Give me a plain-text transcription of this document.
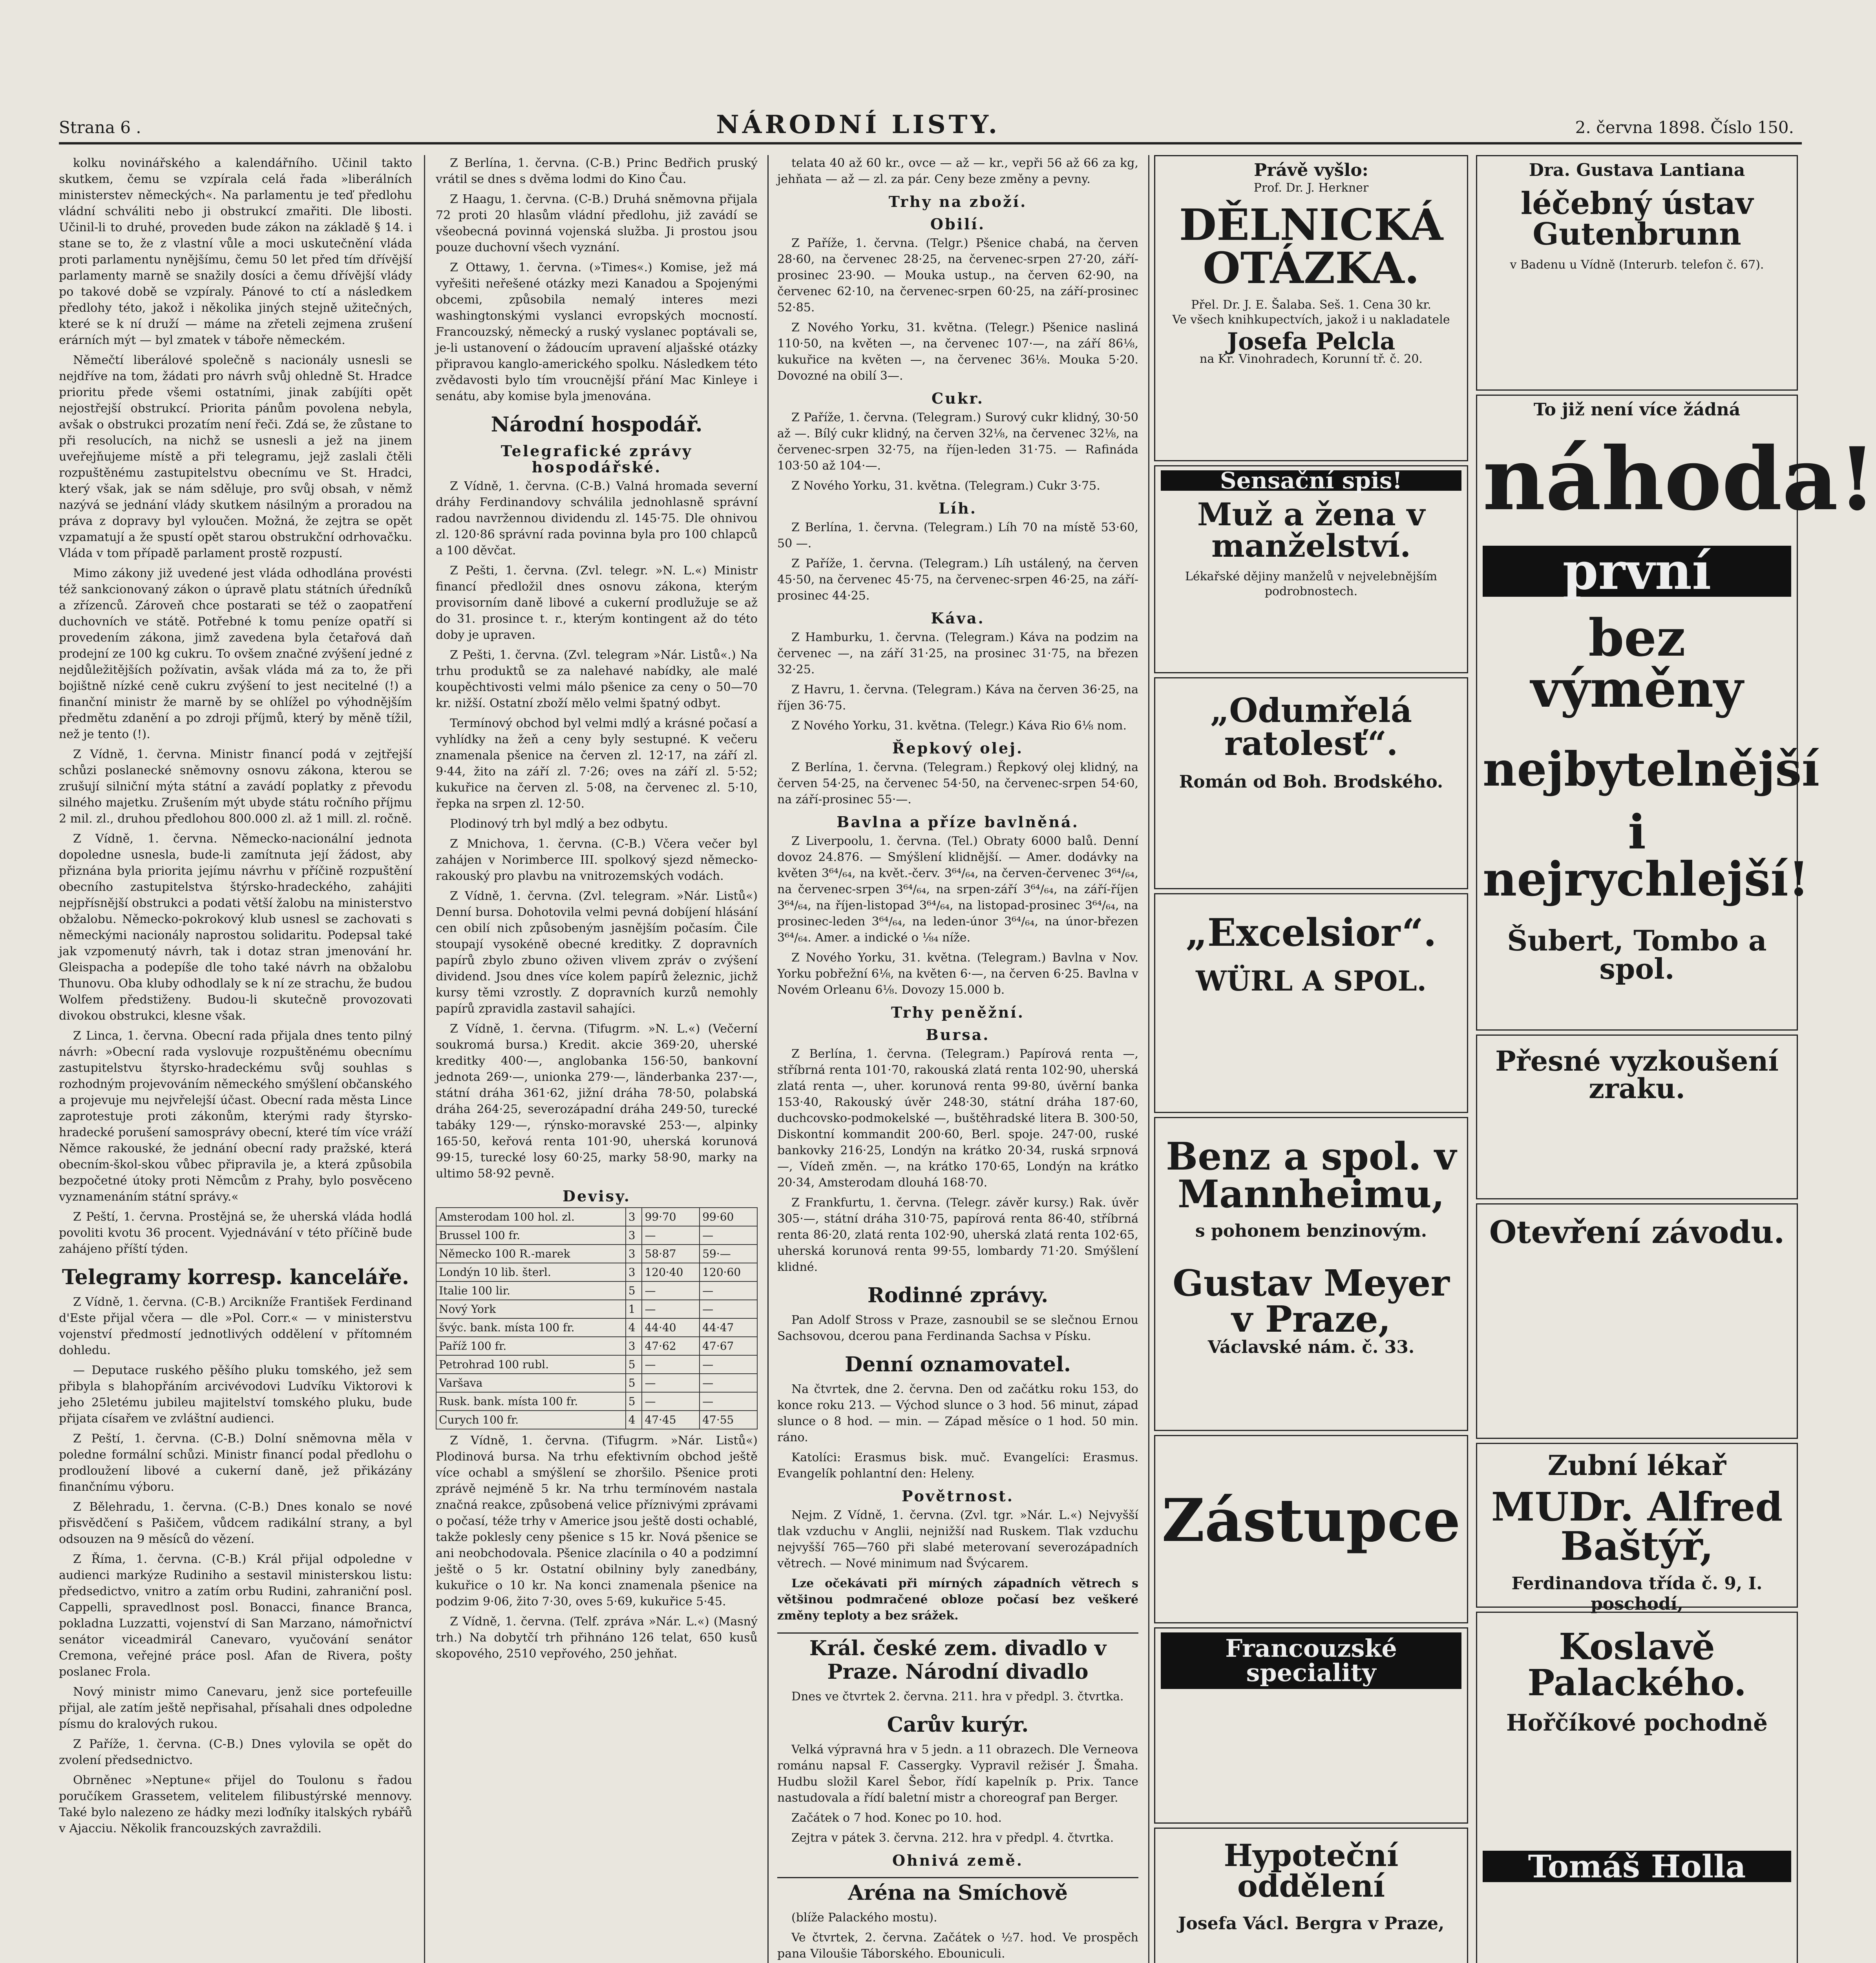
Strana 6 .	NÁRODNÍ LISTY.	2. června 1898. Číslo 150.

kolku novinářského a kalendářního. Učinil takto skutkem, čemu se vzpírala celá řada »liberálních ministerstev německých«. Na parlamentu je teď předlohu vládní schváliti nebo ji obstrukcí zmařiti. Dle libosti. Učinil-li to druhé, proveden bude zákon na základě § 14. i stane se to, že z vlastní vůle a moci uskutečnění vláda proti parlamentu nynějšímu, čemu 50 let před tím dřívější parlamenty marně se snažily dosíci a čemu dřívější vlády po takové době se vzpíraly. Pánové to ctí a následkem předlohy této, jakož i několika jiných stejně užitečných, které se k ní druží — máme na zřeteli zejmena zrušení erárních mýt — byl zmatek v táboře německém.

Němečtí liberálové společně s nacionály usnesli se nejdříve na tom, žádati pro návrh svůj ohledně St. Hradce prioritu přede všemi ostatními, jinak zabíjíti opět nejostřejší obstrukcí. Priorita pánům povolena nebyla, avšak o obstrukci prozatím není řeči. Zdá se, že zůstane to při resolucích, na nichž se usnesli a jež na jinem uveřejňujeme místě a při telegramu, jejž zaslali čtěli rozpuštěnému zastupitelstvu obecnímu ve St. Hradci, který však, jak se nám sděluje, pro svůj obsah, v němž nazývá se jednání vlády skutkem násilným a proradou na práva z dopravy byl vyloučen. Možná, že zejtra se opět vzpamatují a že spustí opět starou obstrukční odrhovačku. Vláda v tom případě parlament prostě rozpustí.

Mimo zákony již uvedené jest vláda odhodlána provésti též sankcionovaný zákon o úpravě platu státních úředníků a zřízenců. Zároveň chce postarati se též o zaopatření duchovních ve státě. Potřebné k tomu peníze opatří si provedením zákona, jimž zavedena byla četařová daň prodejní ze 100 kg cukru. To ovšem značné zvýšení jedné z nejdůležitějších požívatin, avšak vláda má za to, že při bojištně nízké ceně cukru zvýšení to jest necitelné (!) a finanční ministr že marně by se ohlížel po výhodnějším předmětu zdanění a po zdroji příjmů, který by měně tížil, než je tento (!).

Z Vídně, 1. června. Ministr financí podá v zejtřejší schůzi poslanecké sněmovny osnovu zákona, kterou se zrušují silniční mýta státní a zavádí poplatky z převodu silného majetku. Zrušením mýt ubyde státu ročního příjmu 2 mil. zl., druhou předlohou 800.000 zl. až 1 mill. zl. ročně.

Z Vídně, 1. června. Německo-nacionální jednota dopoledne usnesla, bude-li zamítnuta její žádost, aby přiznána byla priorita jejímu návrhu v příčině rozpuštění obecního zastupitelstva štýrsko-hradeckého, zahájiti nejpřísnější obstrukci a podati větší žalobu na ministerstvo obžalobu. Německo-pokrokový klub usnesl se zachovati s německými nacionály naprostou solidaritu. Podepsal také jak vzpomenutý návrh, tak i dotaz stran jmenování hr. Gleispacha a podepíše dle toho také návrh na obžalobu Thunovu. Oba kluby odhodlaly se k ní ze strachu, že budou Wolfem předstiženy. Budou-li skutečně provozovati divokou obstrukci, klesne však.

Z Linca, 1. června. Obecní rada přijala dnes tento pilný návrh: »Obecní rada vyslovuje rozpuštěnému obecnímu zastupitelstvu štyrsko-hradeckému svůj souhlas s rozhodným projevováním německého smýšlení občanského a projevuje mu nejvřelejší účast. Obecní rada města Lince zaprotestuje proti zákonům, kterými rady štyrsko-hradecké porušení samosprávy obecní, které tím více vráží Němce rakouské, že jednání obecní rady pražské, která obecním-škol-skou vůbec připravila je, a která způsobila bezpočetné útoky proti Němcům z Prahy, bylo posvěceno vyznamenáním státní správy.«

Z Peští, 1. června. Prostějná se, že uherská vláda hodlá povoliti kvotu 36 procent. Vyjednávání v této příčině bude zahájeno příští týden.

Telegramy korresp. kanceláře.

Z Vídně, 1. června. (C-B.) Arcikníže František Ferdinand d'Este přijal včera — dle »Pol. Corr.« — v ministerstvu vojenství předmostí jednotlivých oddělení v přítomném dohledu.

— Deputace ruského pěšího pluku tomského, jež sem přibyla s blahopřáním arcivévodovi Ludvíku Viktorovi k jeho 25letému jubileu majitelství tomského pluku, bude přijata císařem ve zvláštní audienci.

Z Peští, 1. června. (C-B.) Dolní sněmovna měla v poledne formální schůzi. Ministr financí podal předlohu o prodloužení libové a cukerní daně, jež přikázány finančnímu výboru.

Z Bělehradu, 1. června. (C-B.) Dnes konalo se nové přisvědčení s Pašičem, vůdcem radikální strany, a byl odsouzen na 9 měsíců do vězení.

Z Říma, 1. června. (C-B.) Král přijal odpoledne v audienci markýze Rudiniho a sestavil ministerskou listu: předsedictvo, vnitro a zatím orbu Rudini, zahraniční posl. Cappelli, spravedlnost posl. Bonacci, finance Branca, pokladna Luzzatti, vojenství di San Marzano, námořnictví senátor viceadmirál Canevaro, vyučování senátor Cremona, veřejné práce posl. Afan de Rivera, pošty poslanec Frola.

Nový ministr mimo Canevaru, jenž sice portefeuille přijal, ale zatím ještě nepřisahal, přísahali dnes odpoledne písmu do kralových rukou.

Z Paříže, 1. června. (C-B.) Dnes vylovila se opět do zvolení předsednictvo.

Obrněnec »Neptune« přijel do Toulonu s řadou poručíkem Grassetem, velitelem filibustýrské mennovy. Také bylo nalezeno ze hádky mezi loďníky italských rybářů v Ajacciu. Několik francouzských zavraždili.

Z Berlína, 1. června. (C-B.) Princ Bedřich pruský vrátil se dnes s dvěma lodmi do Kino Čau.

Z Haagu, 1. června. (C-B.) Druhá sněmovna přijala 72 proti 20 hlasům vládní předlohu, již zavádí se všeobecná povinná vojenská služba. Ji prostou jsou pouze duchovní všech vyznání.

Z Ottawy, 1. června. (»Times«.) Komise, jež má vyřešiti neřešené otázky mezi Kanadou a Spojenými obcemi, způsobila nemalý interes mezi washingtonskými vyslanci evropských mocností. Francouzský, německý a ruský vyslanec poptávali se, je-li ustanovení o žádoucím upravení aljašské otázky připravou kanglo-amerického spolku. Následkem této zvědavosti bylo tím vroucnější přání Mac Kinleye i senátu, aby komise byla jmenována.

Národní hospodář.
Telegrafické zprávy hospodářské.

Z Vídně, 1. června. (C-B.) Valná hromada severní dráhy Ferdinandovy schválila jednohlasně správní radou navržennou dividendu zl. 145·75. Dle ohnivou zl. 120·86 správní rada povinna byla pro 100 chlapců a 100 děvčat.

Z Pešti, 1. června. (Zvl. telegr. »N. L.«) Ministr financí předložil dnes osnovu zákona, kterým provisorním daně libové a cukerní prodlužuje se až do 31. prosince t. r., kterým kontingent až do této doby je upraven.

Z Pešti, 1. června. (Zvl. telegram »Nár. Listů«.) Na trhu produktů se za nalehavé nabídky, ale malé koupěchtivosti velmi málo pšenice za ceny o 50—70 kr. nižší. Ostatní zboží mělo velmi špatný odbyt.

Termínový obchod byl velmi mdlý a krásné počasí a vyhlídky na žeň a ceny byly sestupné. K večeru znamenala pšenice na červen zl. 12·17, na září zl. 9·44, žito na září zl. 7·26; oves na září zl. 5·52; kukuřice na červen zl. 5·08, na červenec zl. 5·10, řepka na srpen zl. 12·50.

Plodinový trh byl mdlý a bez odbytu.

Z Mnichova, 1. června. (C-B.) Včera večer byl zahájen v Norimberce III. spolkový sjezd německo-rakouský pro plavbu na vnitrozemských vodách.

Z Vídně, 1. června. (Zvl. telegram. »Nár. Listů«) Denní bursa. Dohotovila velmi pevná dobíjení hlásání cen obilí nich způsobeným jasnějším počasím. Čile stoupají vysokéně obecné kreditky. Z dopravních papírů zbylo zbuno oživen vlivem zpráv o zvýšení dividend. Jsou dnes více kolem papírů železnic, jichž kursy těmi vzrostly. Z dopravních kurzů nemohly papírů zpravidla zastavil sahajíci.

Z Vídně, 1. června. (Tifugrm. »N. L.«) (Večerní soukromá bursa.) Kredit. akcie 369·20, uherské kreditky 400·—, anglobanka 156·50, bankovní jednota 269·—, unionka 279·—, länderbanka 237·—, státní dráha 361·62, jižní dráha 78·50, polabská dráha 264·25, severozápadní dráha 249·50, turecké tabáky 129·—, rýnsko-moravské 253·—, alpinky 165·50, keřová renta 101·90, uherská korunová 99·15, turecké losy 60·25, marky 58·90, marky na ultimo 58·92 pevně.

Devisy.
Amsterodam 100 hol. zl.	3	99·70	99·60
Brussel 100 fr.	3	—	—
Německo 100 R.-marek	3	58·87	59·—
Londýn 10 lib. šterl.	3	120·40	120·60
Italie 100 lir.	5	—	—
Nový York	1	—	—
švýc. bank. místa 100 fr.	4	44·40	44·47
Paříž 100 fr.	3	47·62	47·67
Petrohrad 100 rubl.	5	—	—
Varšava	5	—	—
Rusk. bank. místa 100 fr.	5	—	—
Curych 100 fr.	4	47·45	47·55

Z Vídně, 1. června. (Tifugrm. »Nár. Listů«) Plodinová bursa. Na trhu efektivním obchod ještě více ochabl a smýšlení se zhoršilo. Pšenice proti zprávě nejméně 5 kr. Na trhu termínovém nastala značná reakce, způsobená velice příznivými zprávami o počasí, téže trhy v Americe jsou ještě dosti ochablé, takže poklesly ceny pšenice s 15 kr. Nová pšenice se ani neobchodovala. Pšenice zlacínila o 40 a podzimní ještě o 5 kr. Ostatní obilniny byly zanedbány, kukuřice o 10 kr. Na konci znamenala pšenice na podzim 9·06, žito 7·30, oves 5·69, kukuřice 5·45.

Z Vídně, 1. června. (Telf. zpráva »Nár. L.«) (Masný trh.) Na dobytčí trh přihnáno 126 telat, 650 kusů skopového, 2510 vepřového, 250 jehňat.

telata 40 až 60 kr., ovce — až — kr., vepři 56 až 66 za kg, jehňata — až — zl. za pár. Ceny beze změny a pevny.

Trhy na zboží.
Obilí.

Z Paříže, 1. června. (Telgr.) Pšenice chabá, na červen 28·60, na červenec 28·25, na červenec-srpen 27·20, září-prosinec 23·90. — Mouka ustup., na červen 62·90, na červenec 62·10, na červenec-srpen 60·25, na září-prosinec 52·85.

Z Nového Yorku, 31. května. (Telegr.) Pšenice nasliná 110·50, na květen —, na červenec 107·—, na září 86⅛, kukuřice na květen —, na červenec 36⅛. Mouka 5·20. Dovozné na obilí 3—.

Cukr.

Z Paříže, 1. června. (Telegram.) Surový cukr klidný, 30·50 až —. Bílý cukr klidný, na červen 32⅛, na červenec 32⅛, na červenec-srpen 32·75, na říjen-leden 31·75. — Rafináda 103·50 až 104·—.

Z Nového Yorku, 31. května. (Telegram.) Cukr 3·75.

Líh.

Z Berlína, 1. června. (Telegram.) Líh 70 na místě 53·60, 50 —.

Z Paříže, 1. června. (Telegram.) Líh ustálený, na červen 45·50, na červenec 45·75, na červenec-srpen 46·25, na září-prosinec 44·25.

Káva.

Z Hamburku, 1. června. (Telegram.) Káva na podzim na červenec —, na září 31·25, na prosinec 31·75, na březen 32·25.

Z Havru, 1. června. (Telegram.) Káva na červen 36·25, na říjen 36·75.

Z Nového Yorku, 31. května. (Telegr.) Káva Rio 6⅛ nom.

Řepkový olej.

Z Berlína, 1. června. (Telegram.) Řepkový olej klidný, na červen 54·25, na červenec 54·50, na červenec-srpen 54·60, na září-prosinec 55·—.

Bavlna a příze bavlněná.

Z Liverpoolu, 1. června. (Tel.) Obraty 6000 balů. Denní dovoz 24.876. — Smýšlení klidnější. — Amer. dodávky na květen 3⁶⁴/₆₄, na květ.-červ. 3⁶⁴/₆₄, na červen-červenec 3⁶⁴/₆₄, na červenec-srpen 3⁶⁴/₆₄, na srpen-září 3⁶⁴/₆₄, na září-říjen 3⁶⁴/₆₄, na říjen-listopad 3⁶⁴/₆₄, na listopad-prosinec 3⁶⁴/₆₄, na prosinec-leden 3⁶⁴/₆₄, na leden-únor 3⁶⁴/₆₄, na únor-březen 3⁶⁴/₆₄. Amer. a indické o ⅛₄ níže.

Z Nového Yorku, 31. května. (Telegram.) Bavlna v Nov. Yorku pobřežní 6⅛, na květen 6·—, na červen 6·25. Bavlna v Novém Orleanu 6⅛. Dovozy 15.000 b.

Trhy peněžní.
Bursa.

Z Berlína, 1. června. (Telegram.) Papírová renta —, stříbrná renta 101·70, rakouská zlatá renta 102·90, uherská zlatá renta —, uher. korunová renta 99·80, úvěrní banka 153·40, Rakouský úvěr 248·30, státní dráha 187·60, duchcovsko-podmokelské —, buštěhradské litera B. 300·50, Diskontní kommandit 200·60, Berl. spoje. 247·00, ruské bankovky 216·25, Londýn na krátko 20·34, ruská srpnová —, Vídeň změn. —, na krátko 170·65, Londýn na krátko 20·34, Amsterodam dlouhá 168·70.

Z Frankfurtu, 1. června. (Telegr. závěr kursy.) Rak. úvěr 305·—, státní dráha 310·75, papírová renta 86·40, stříbrná renta 86·20, zlatá renta 102·90, uherská zlatá renta 102·65, uherská korunová renta 99·55, lombardy 71·20. Smýšlení klidné.

Rodinné zprávy.

Pan Adolf Stross v Praze, zasnoubil se se slečnou Ernou Sachsovou, dcerou pana Ferdinanda Sachsa v Písku.

Denní oznamovatel.

Na čtvrtek, dne 2. června. Den od začátku roku 153, do konce roku 213. — Východ slunce o 3 hod. 56 minut, západ slunce o 8 hod. — min. — Západ měsíce o 1 hod. 50 min. ráno.

Katolíci: Erasmus bisk. muč. Evangelíci: Erasmus. Evangelík pohlantní den: Heleny.

Povětrnost.

Nejm. Z Vídně, 1. června. (Zvl. tgr. »Nár. L.«) Nejvyšší tlak vzduchu v Anglii, nejnižší nad Ruskem. Tlak vzduchu nejvyšší 765—760 při slabé meterovaní severozápadních větrech. — Nové minimum nad Švýcarem.

Lze očekávati při mírných západních větrech s většinou podmračené obloze počasí bez veškeré změny teploty a bez srážek.

Král. české zem. divadlo v Praze. Národní divadlo

Dnes ve čtvrtek 2. června. 211. hra v předpl. 3. čtvrtka.

Carův kurýr.

Velká výpravná hra v 5 jedn. a 11 obrazech. Dle Verneova románu napsal F. Cassergky. Vypravil režisér J. Šmaha. Hudbu složil Karel Šebor, řídí kapelník p. Prix. Tance nastudovala a řídí baletní mistr a choreograf pan Berger.

Začátek o 7 hod. Konec po 10. hod.

Zejtra v pátek 3. června. 212. hra v předpl. 4. čtvrtka.

Ohnivá země.
Aréna na Smíchově

(blíže Palackého mostu).

Ve čtvrtek, 2. června. Začátek o ½7. hod. Ve prospěch pana Viloušie Táborského. Ebouniculi.

Právě vyšlo:
Prof. Dr. J. Herkner
DĚLNICKÁ OTÁZKA.
Přel. Dr. J. E. Šalaba. Seš. 1. Cena 30 kr.
Ve všech knihkupectvích, jakož i u nakladatele
Josefa Pelcla
na Kr. Vinohradech, Korunní tř. č. 20.
Sensační spis!
Muž a žena v manželství.
Lékařské dějiny manželů v nejvelebnějším podrobnostech.
„Odumřelá ratolesť“.
Román od Boh. Brodského.
„Excelsior“.
WÜRL A SPOL.
Benz a spol. v Mannheimu,
s pohonem benzinovým.
Gustav Meyer v Praze,
Václavské nám. č. 33.
Zástupce
Francouzské speciality
Hypoteční oddělení
Josefa Václ. Bergra v Praze,
Dra. Gustava Lantiana
léčebný ústav Gutenbrunn
v Badenu u Vídně (Interurb. telefon č. 67).
To již není více žádná
náhoda!
první
bez výměny
nejbytelnější
i nejrychlejší!
Šubert, Tombo a spol.
Přesné vyzkoušení zraku.
Otevření závodu.
Zubní lékař
MUDr. Alfred Baštýř,
Ferdinandova třída č. 9, I. poschodí,
Koslavě Palackého.
Hořčíkové pochodně
Tomáš Holla
